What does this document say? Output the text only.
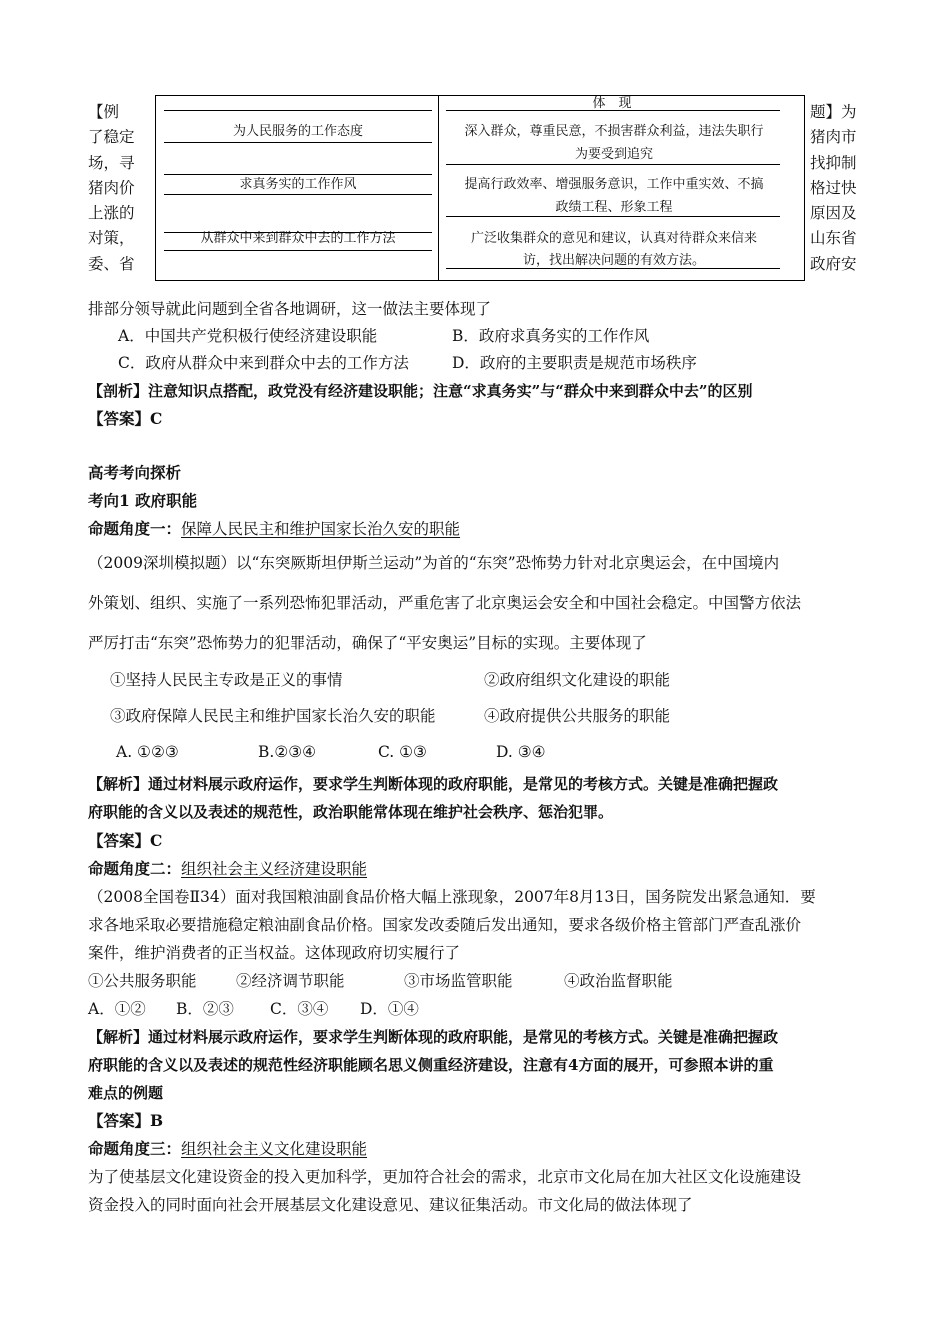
【例
了稳定
场，寻
猪肉价
上涨的
对策，
委、省
题】为
猪肉市
找抑制
格过快
原因及
山东省
政府安
体　现
为人民服务的工作态度	深入群众，尊重民意，不损害群众利益，违法失职行
为要受到追究
求真务实的工作作风	提高行政效率、增强服务意识，工作中重实效、不搞
政绩工程、形象工程
从群众中来到群众中去的工作方法	广泛收集群众的意见和建议，认真对待群众来信来
访，找出解决问题的有效方法。
排部分领导就此问题到全省各地调研，这一做法主要体现了
A．中国共产党积极行使经济建设职能	B．政府求真务实的工作作风
C．政府从群众中来到群众中去的工作方法	D．政府的主要职责是规范市场秩序
【剖析】注意知识点搭配，政党没有经济建设职能；注意“求真务实”与“群众中来到群众中去”的区别
【答案】C
高考考向探析
考向1 政府职能
命题角度一：保障人民民主和维护国家长治久安的职能
（2009深圳模拟题）以“东突厥斯坦伊斯兰运动”为首的“东突”恐怖势力针对北京奥运会，在中国境内
外策划、组织、实施了一系列恐怖犯罪活动，严重危害了北京奥运会安全和中国社会稳定。中国警方依法
严厉打击“东突”恐怖势力的犯罪活动，确保了“平安奥运”目标的实现。主要体现了
①坚持人民民主专政是正义的事情	②政府组织文化建设的职能
③政府保障人民民主和维护国家长治久安的职能	④政府提供公共服务的职能
A. ①②③	B.②③④	C. ①③	D. ③④
【解析】通过材料展示政府运作，要求学生判断体现的政府职能，是常见的考核方式。关键是准确把握政
府职能的含义以及表述的规范性，政治职能常体现在维护社会秩序、惩治犯罪。
【答案】C
命题角度二：组织社会主义经济建设职能
（2008全国卷Ⅱ34）面对我国粮油副食品价格大幅上涨现象，2007年8月13日，国务院发出紧急通知．要
求各地采取必要措施稳定粮油副食品价格。国家发改委随后发出通知，要求各级价格主管部门严查乱涨价
案件，维护消费者的正当权益。这体现政府切实履行了
①公共服务职能	②经济调节职能	③市场监管职能	④政治监督职能
A．①② B．②③ C．③④ D．①④
【解析】通过材料展示政府运作，要求学生判断体现的政府职能，是常见的考核方式。关键是准确把握政
府职能的含义以及表述的规范性经济职能顾名思义侧重经济建设，注意有4方面的展开，可参照本讲的重
难点的例题
【答案】B
命题角度三：组织社会主义文化建设职能
为了使基层文化建设资金的投入更加科学，更加符合社会的需求，北京市文化局在加大社区文化设施建设
资金投入的同时面向社会开展基层文化建设意见、建议征集活动。市文化局的做法体现了
